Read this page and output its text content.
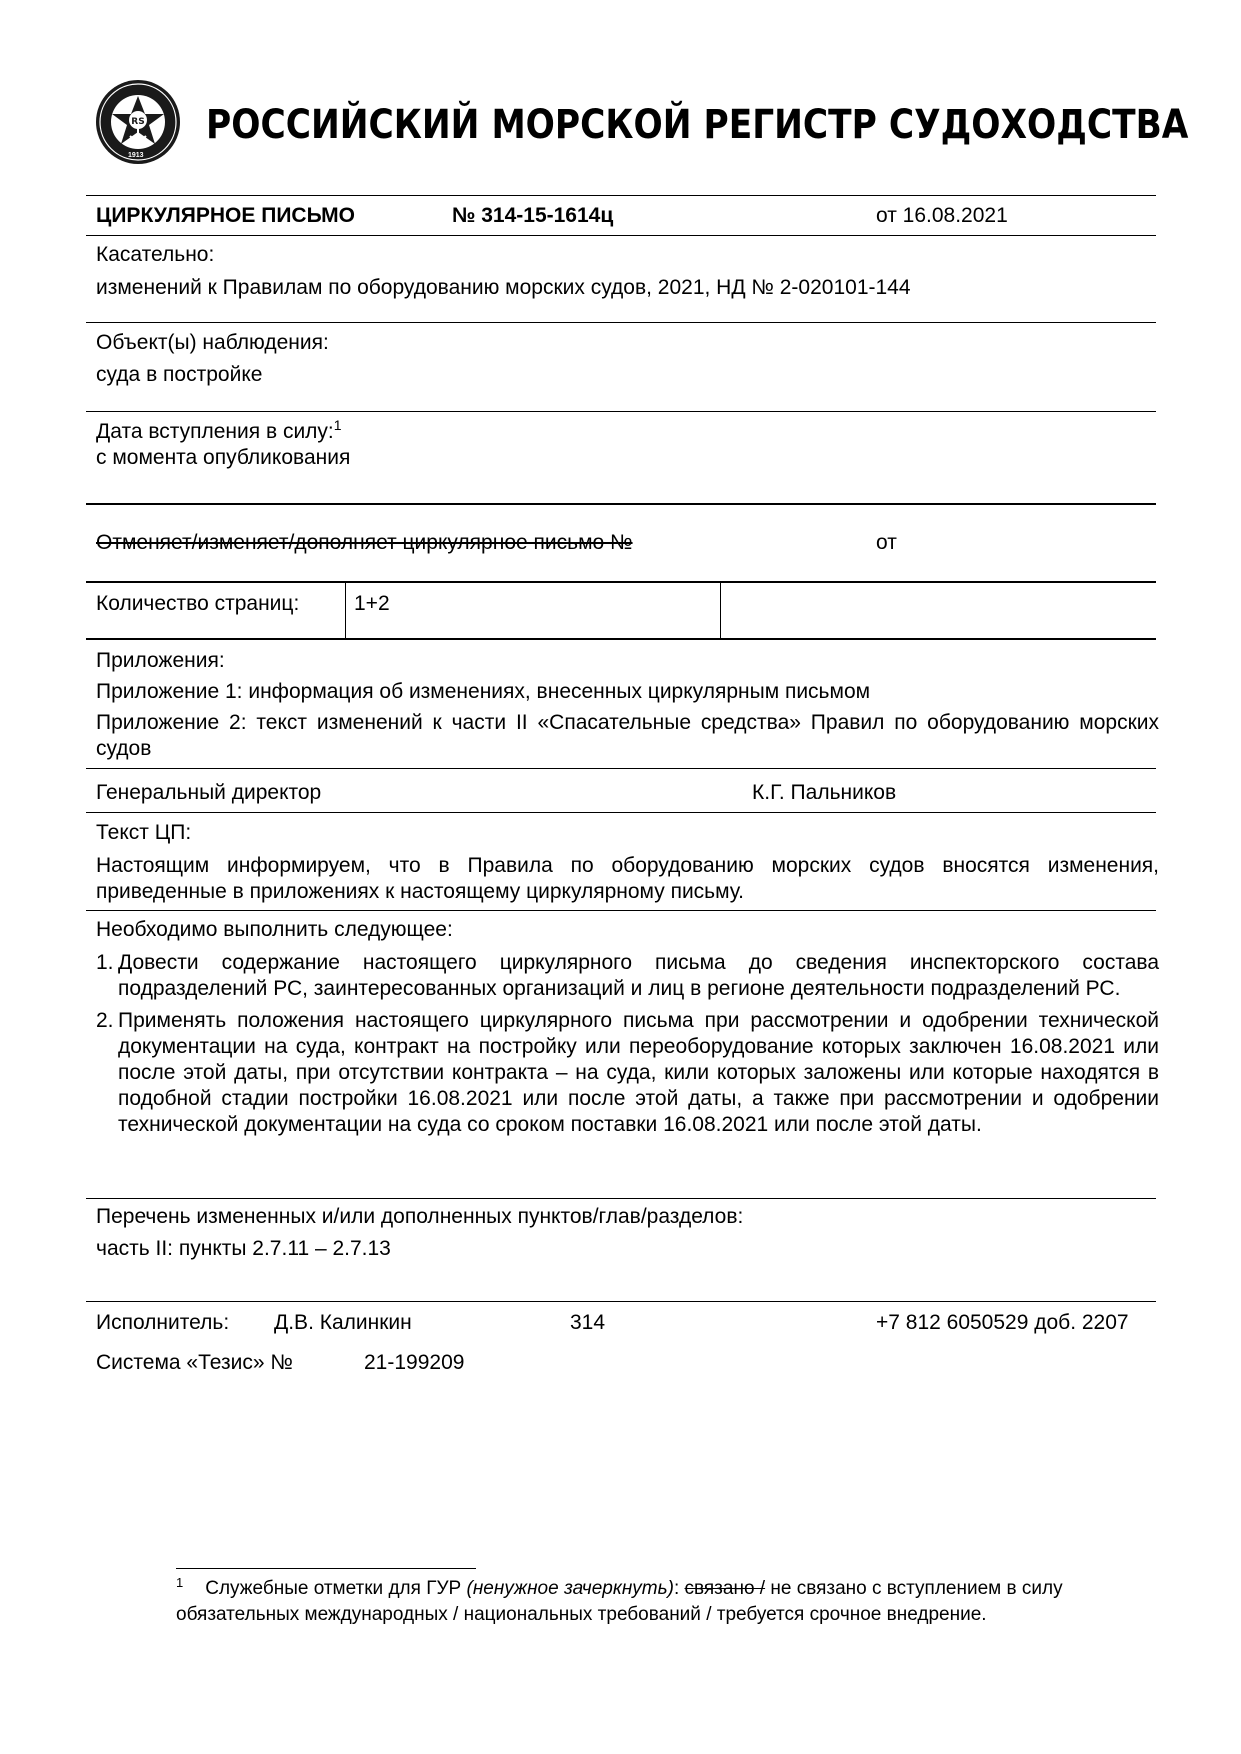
RS
1913
РОССИЙСКИЙ МОРСКОЙ РЕГИСТР СУДОХОДСТВА
ЦИРКУЛЯРНОЕ ПИСЬМО	№ 314-15-1614ц	от 16.08.2021
Касательно:
изменений к Правилам по оборудованию морских судов, 2021, НД № 2-020101-144
Объект(ы) наблюдения:
суда в постройке
Дата вступления в силу:$^1$
с момента опубликования
Отменяет/изменяет/дополняет циркулярное письмо №	от
Количество страниц:	1+2
Приложения:
Приложение 1: информация об изменениях, внесенных циркулярным письмом
Приложение 2: текст изменений к части II «Спасательные средства» Правил по оборудованию морских судов
Генеральный директор	К.Г. Пальников
Текст ЦП:
Настоящим информируем, что в Правила по оборудованию морских судов вносятся изменения, приведенные в приложениях к настоящему циркулярному письму.
Необходимо выполнить следующее:
1. Довести содержание настоящего циркулярного письма до сведения инспекторского состава подразделений РС, заинтересованных организаций и лиц в регионе деятельности подразделений РС.
2. Применять положения настоящего циркулярного письма при рассмотрении и одобрении технической документации на суда, контракт на постройку или переоборудование которых заключен 16.08.2021 или после этой даты, при отсутствии контракта – на суда, кили которых заложены или которые находятся в подобной стадии постройки 16.08.2021 или после этой даты, а также при рассмотрении и одобрении технической документации на суда со сроком поставки 16.08.2021 или после этой даты.
Перечень измененных и/или дополненных пунктов/глав/разделов:
часть II: пункты 2.7.11 – 2.7.13
Исполнитель: Д.В. Калинкин	314	+7 812 6050529 доб. 2207
Система «Тезис» №	21-199209
$^1$ Служебные отметки для ГУР (ненужное зачеркнуть): связано / не связано с вступлением в силу обязательных международных / национальных требований / требуется срочное внедрение.
